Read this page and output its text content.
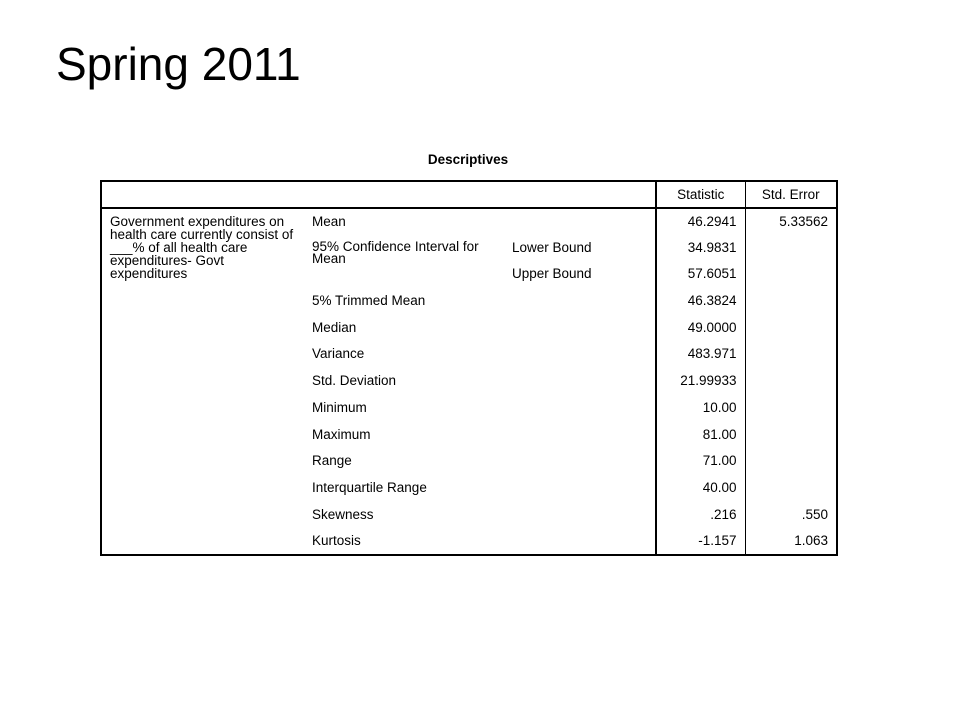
Spring 2011
Descriptives
			Statistic	Std. Error
Government expenditures on health care currently consist of ___% of all health care expenditures- Govt expenditures	Mean		46.2941	5.33562

	95% Confidence Interval for Mean	Lower Bound	34.9831	
		Upper Bound	57.6051	
	5% Trimmed Mean		46.3824	
	Median		49.0000	
	Variance		483.971	
	Std. Deviation		21.99933	
	Minimum		10.00	
	Maximum		81.00	
	Range		71.00	
	Interquartile Range		40.00	
	Skewness		.216	.550
	Kurtosis		-1.157	1.063
